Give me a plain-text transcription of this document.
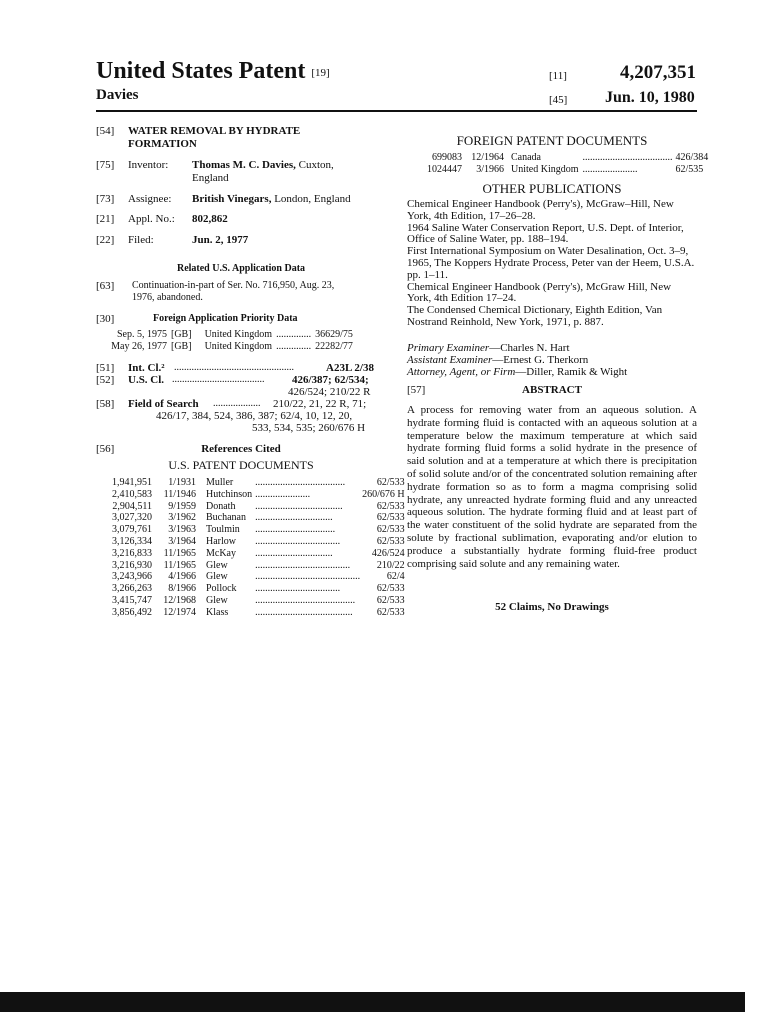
United States Patent [19]
Davies
[11]	4,207,351
[45] Jun. 10, 1980
[54] WATER REMOVAL BY HYDRATE
FORMATION
[75] Inventor: Thomas M. C. Davies, Cuxton,
England
[73] Assignee: British Vinegars, London, England
[21] Appl. No.: 802,862
[22] Filed:	Jun. 2, 1977
Related U.S. Application Data
[63] Continuation-in-part of Ser. No. 716,950, Aug. 23,
1976, abandoned.
[30]	Foreign Application Priority Data
Sep. 5, 1975	[GB]	United Kingdom	..............	36629/75
May 26, 1977	[GB]	United Kingdom	..............	22282/77
[51] Int. Cl.² ................................................	A23L 2/38
[52] U.S. Cl. .....................................	426/387; 62/534;
426/524; 210/22 R
[58] Field of Search ................... 210/22, 21, 22 R, 71;
426/17, 384, 524, 386, 387; 62/4, 10, 12, 20,
533, 534, 535; 260/676 H
[56]	References Cited
U.S. PATENT DOCUMENTS
1,941,951	1/1931	Muller	....................................	62/533
2,410,583	11/1946	Hutchinson	......................	260/676 H
2,904,511	9/1959	Donath	...................................	62/533
3,027,320	3/1962	Buchanan	...............................	62/533
3,079,761	3/1963	Toulmin	................................	62/533
3,126,334	3/1964	Harlow	..................................	62/533
3,216,833	11/1965	McKay	...............................	426/524
3,216,930	11/1965	Glew	......................................	210/22
3,243,966	4/1966	Glew	..........................................	62/4
3,266,263	8/1966	Pollock	..................................	62/533
3,415,747	12/1968	Glew	........................................	62/533
3,856,492	12/1974	Klass	.......................................	62/533
FOREIGN PATENT DOCUMENTS
699083	12/1964	Canada	....................................	426/384
1024447	3/1966	United Kingdom	......................	62/535
OTHER PUBLICATIONS
Chemical Engineer Handbook (Perry's), McGraw–Hill, New York, 4th Edition, 17–26–28.
1964 Saline Water Conservation Report, U.S. Dept. of Interior, Office of Saline Water, pp. 188–194.
First International Symposium on Water Desalination, Oct. 3–9, 1965, The Koppers Hydrate Process, Peter van der Heem, U.S.A. pp. 1–11.
Chemical Engineer Handbook (Perry's), McGraw Hill, New York, 4th Edition 17–24.
The Condensed Chemical Dictionary, Eighth Edition, Van Nostrand Reinhold, New York, 1971, p. 887.
Primary Examiner—Charles N. Hart
Assistant Examiner—Ernest G. Therkorn
Attorney, Agent, or Firm—Diller, Ramik & Wight
[57]	ABSTRACT
A process for removing water from an aqueous solution. A hydrate forming fluid is contacted with an aqueous solution at a temperature below the maximum temperature at which said hydrate forming fluid forms a solid hydrate in the presence of said solution and at a temperature at which there is precipitation of solid solute and/or of the concentrated solution remaining after hydrate formation so as to form a magma comprising solid hydrate, any unreacted hydrate forming fluid and any unreacted aqueous solution. The hydrate forming fluid and at least part of the water constituent of the solid hydrate are separated from the solute by fractional sublimation, evaporating and/or elution to produce a substantially hydrate forming fluid-free product comprising said solute and any remaining water.
52 Claims, No Drawings
